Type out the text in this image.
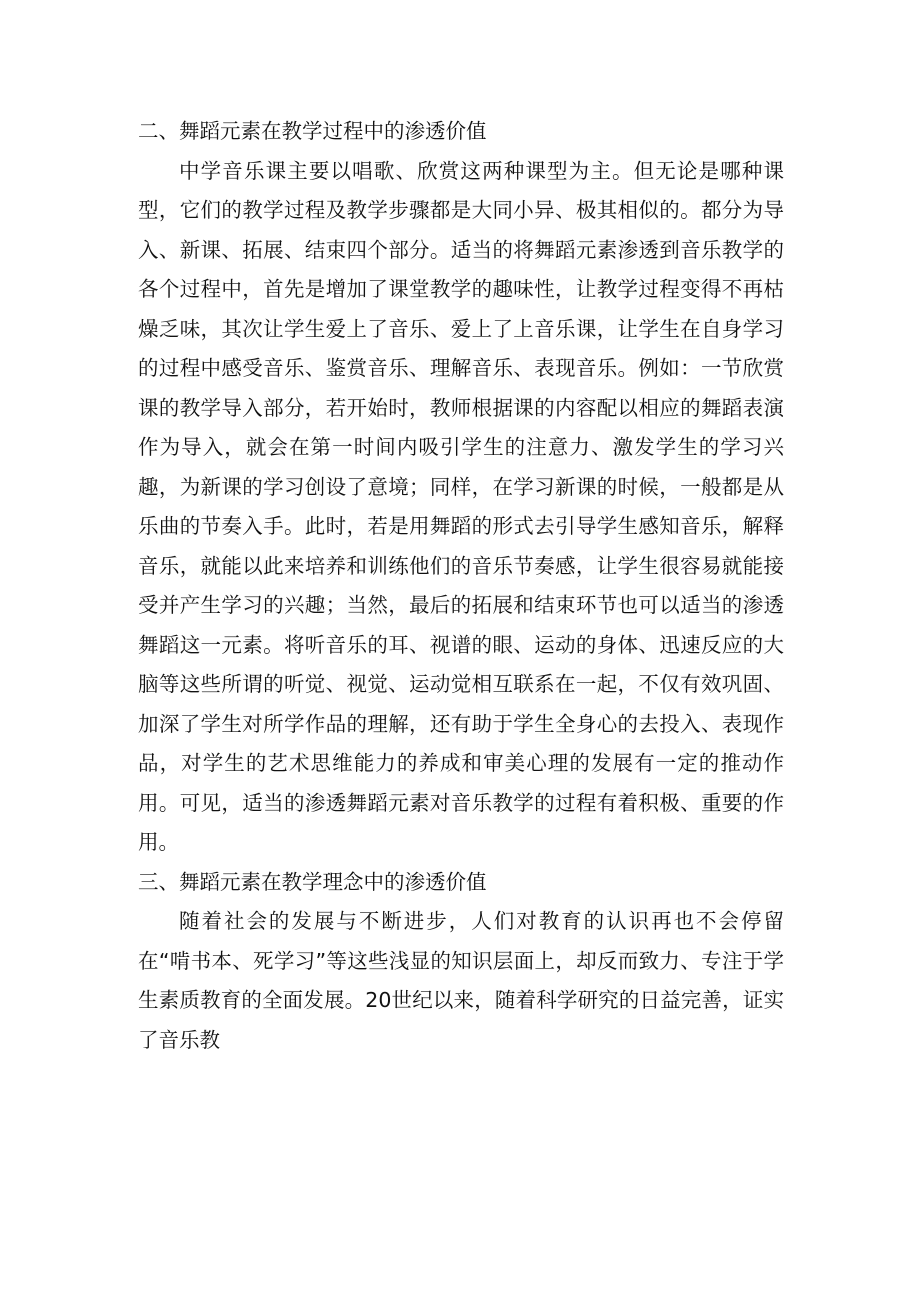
二、舞蹈元素在教学过程中的渗透价值

中学音乐课主要以唱歌、欣赏这两种课型为主。但无论是哪种课型，它们的教学过程及教学步骤都是大同小异、极其相似的。都分为导入、新课、拓展、结束四个部分。适当的将舞蹈元素渗透到音乐教学的各个过程中，首先是增加了课堂教学的趣味性，让教学过程变得不再枯燥乏味，其次让学生爱上了音乐、爱上了上音乐课，让学生在自身学习的过程中感受音乐、鉴赏音乐、理解音乐、表现音乐。例如：一节欣赏课的教学导入部分，若开始时，教师根据课的内容配以相应的舞蹈表演作为导入，就会在第一时间内吸引学生的注意力、激发学生的学习兴趣，为新课的学习创设了意境；同样，在学习新课的时候，一般都是从乐曲的节奏入手。此时，若是用舞蹈的形式去引导学生感知音乐，解释音乐，就能以此来培养和训练他们的音乐节奏感，让学生很容易就能接受并产生学习的兴趣；当然，最后的拓展和结束环节也可以适当的渗透舞蹈这一元素。将听音乐的耳、视谱的眼、运动的身体、迅速反应的大脑等这些所谓的听觉、视觉、运动觉相互联系在一起，不仅有效巩固、加深了学生对所学作品的理解，还有助于学生全身心的去投入、表现作品，对学生的艺术思维能力的养成和审美心理的发展有一定的推动作用。可见，适当的渗透舞蹈元素对音乐教学的过程有着积极、重要的作用。

三、舞蹈元素在教学理念中的渗透价值

随着社会的发展与不断进步，人们对教育的认识再也不会停留在“啃书本、死学习”等这些浅显的知识层面上，却反而致力、专注于学生素质教育的全面发展。20世纪以来，随着科学研究的日益完善，证实了音乐教
